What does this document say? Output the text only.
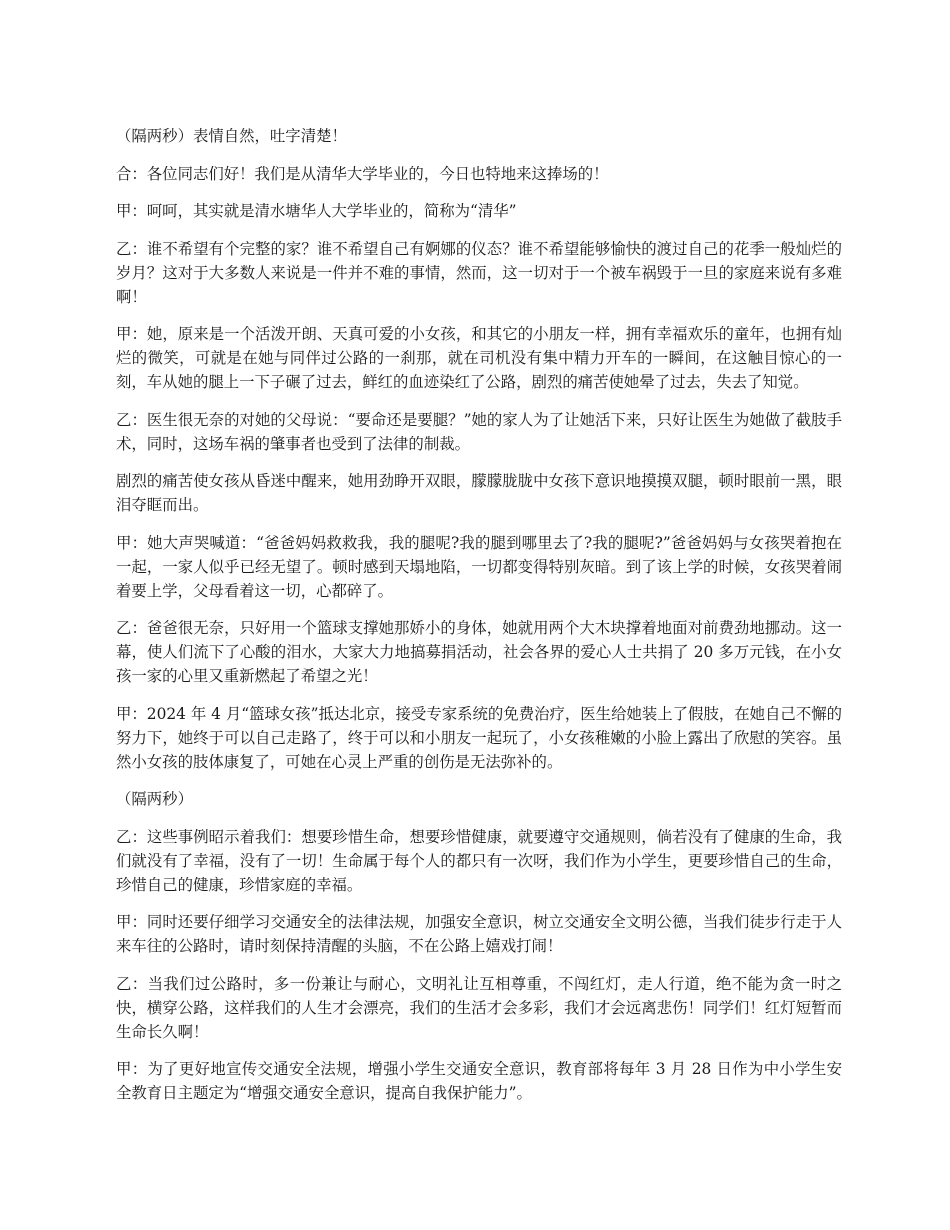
（隔两秒）表情自然，吐字清楚！

合：各位同志们好！我们是从清华大学毕业的，今日也特地来这捧场的！

甲：呵呵，其实就是清水塘华人大学毕业的，简称为“清华”

乙：谁不希望有个完整的家？谁不希望自己有婀娜的仪态？谁不希望能够愉快的渡过自己的花季一般灿烂的岁月？这对于大多数人来说是一件并不难的事情，然而，这一切对于一个被车祸毁于一旦的家庭来说有多难啊！

甲：她，原来是一个活泼开朗、天真可爱的小女孩，和其它的小朋友一样，拥有幸福欢乐的童年，也拥有灿烂的微笑，可就是在她与同伴过公路的一刹那，就在司机没有集中精力开车的一瞬间，在这触目惊心的一刻，车从她的腿上一下子碾了过去，鲜红的血迹染红了公路，剧烈的痛苦使她晕了过去，失去了知觉。

乙：医生很无奈的对她的父母说：“要命还是要腿？”她的家人为了让她活下来，只好让医生为她做了截肢手术，同时，这场车祸的肇事者也受到了法律的制裁。

剧烈的痛苦使女孩从昏迷中醒来，她用劲睁开双眼，朦朦胧胧中女孩下意识地摸摸双腿，顿时眼前一黑，眼泪夺眶而出。

甲：她大声哭喊道：“爸爸妈妈救救我，我的腿呢?我的腿到哪里去了?我的腿呢?”爸爸妈妈与女孩哭着抱在一起，一家人似乎已经无望了。顿时感到天塌地陷，一切都变得特别灰暗。到了该上学的时候，女孩哭着闹着要上学，父母看着这一切，心都碎了。

乙：爸爸很无奈，只好用一个篮球支撑她那娇小的身体，她就用两个大木块撑着地面对前费劲地挪动。这一幕，使人们流下了心酸的泪水，大家大力地搞募捐活动，社会各界的爱心人士共捐了 20 多万元钱，在小女孩一家的心里又重新燃起了希望之光！

甲：2024 年 4 月“篮球女孩”抵达北京，接受专家系统的免费治疗，医生给她装上了假肢，在她自己不懈的努力下，她终于可以自己走路了，终于可以和小朋友一起玩了，小女孩稚嫩的小脸上露出了欣慰的笑容。虽然小女孩的肢体康复了，可她在心灵上严重的创伤是无法弥补的。

（隔两秒）

乙：这些事例昭示着我们：想要珍惜生命，想要珍惜健康，就要遵守交通规则，倘若没有了健康的生命，我们就没有了幸福，没有了一切！生命属于每个人的都只有一次呀，我们作为小学生，更要珍惜自己的生命，珍惜自己的健康，珍惜家庭的幸福。

甲：同时还要仔细学习交通安全的法律法规，加强安全意识，树立交通安全文明公德，当我们徒步行走于人来车往的公路时，请时刻保持清醒的头脑，不在公路上嬉戏打闹！

乙：当我们过公路时，多一份兼让与耐心，文明礼让互相尊重，不闯红灯，走人行道，绝不能为贪一时之快，横穿公路，这样我们的人生才会漂亮，我们的生活才会多彩，我们才会远离悲伤！同学们！红灯短暂而生命长久啊！

甲：为了更好地宣传交通安全法规，增强小学生交通安全意识，教育部将每年 3 月 28 日作为中小学生安全教育日主题定为“增强交通安全意识，提高自我保护能力”。
